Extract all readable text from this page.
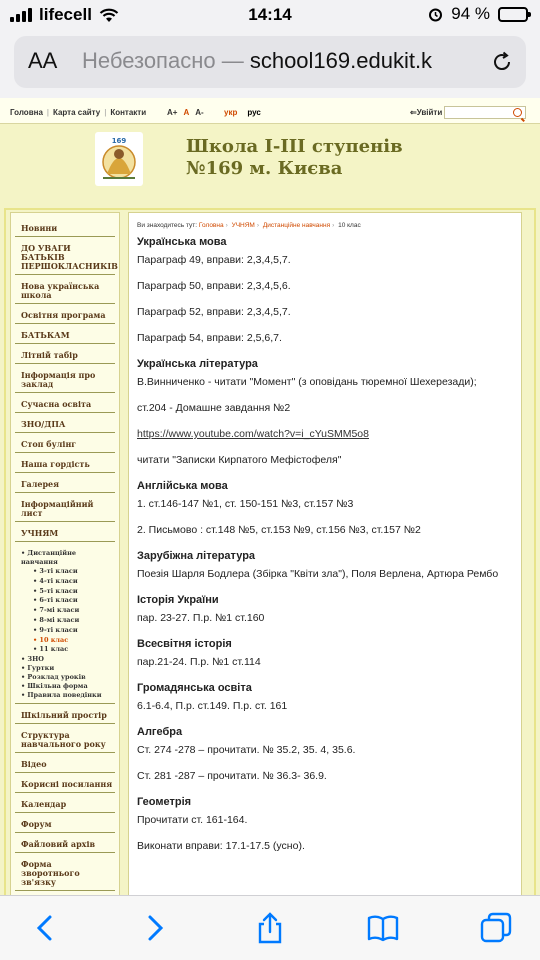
lifecell	14:14	94 %
AA Небезопасно — school169.edukit.k
Головна | Карта сайту | Контакти	A+ A A-	укр рус	⇐Увійти
169	Школа І-ІІІ ступенів
№169 м. Києва
Новини
ДО УВАГИ БАТЬКІВ ПЕРШОКЛАСНИКІВ
Нова українська школа
Освітня програма
БАТЬКАМ
Літній табір
Інформація про заклад
Сучасна освіта
ЗНО/ДПА
Стоп булінг
Наша гордість
Галерея
Інформаційний лист
УЧНЯМ
• Дистанційне навчання
• 3-ті класи
• 4-ті класи
• 5-ті класи
• 6-ті класи
• 7-мі класи
• 8-мі класи
• 9-ті класи
• 10 клас
• 11 клас
• ЗНО
• Гуртки
• Розклад уроків
• Шкільна форма
• Правила поведінки
Шкільний простір
Структура навчального року
Відео
Корисні посилання
Календар
Форум
Файловий архів
Форма зворотнього зв'язку
Ви знаходитесь тут: Головна › УЧНЯМ › Дистанційне навчання › 10 клас
Українська мова
Параграф 49, вправи: 2,3,4,5,7.
Параграф 50, вправи: 2,3,4,5,6.
Параграф 52, вправи: 2,3,4,5,7.
Параграф 54, вправи: 2,5,6,7.
Українська література
В.Винниченко - читати "Момент" (з оповідань тюремної Шехерезади);
ст.204 - Домашне завдання №2
https://www.youtube.com/watch?v=i_cYuSMM5o8
читати "Записки Кирпатого Мефістофеля"
Англійська мова
1. ст.146-147 №1, ст. 150-151 №3, ст.157 №3
2. Письмово : ст.148 №5, ст.153 №9, ст.156 №3, ст.157 №2
Зарубіжна література
Поезія Шарля Бодлера (Збірка "Квіти зла"), Поля Верлена, Артюра Рембо
Історія України
пар. 23-27. П.р. №1 ст.160
Всесвітня історія
пар.21-24. П.р. №1 ст.114
Громадянська освіта
6.1-6.4, П.р. ст.149. П.р. ст. 161
Алгебра
Ст. 274 -278 – прочитати. № 35.2, 35. 4, 35.6.
Ст. 281 -287 – прочитати. № 36.3- 36.9.
Геометрія
Прочитати ст. 161-164.
Виконати вправи: 17.1-17.5 (усно).
